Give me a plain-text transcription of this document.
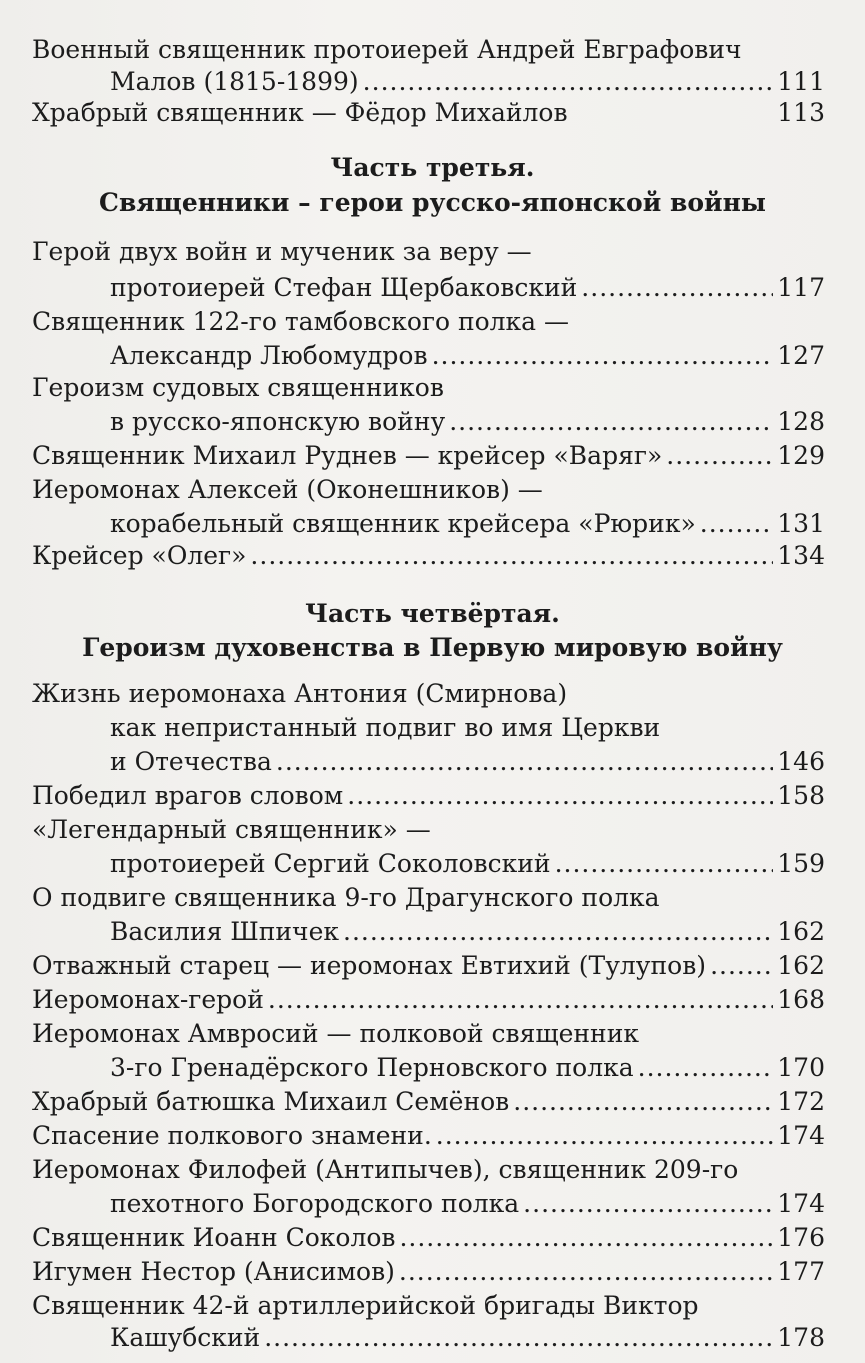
Военный священник протоиерей Андрей Евграфович
Малов (1815-1899) .....	111
Храбрый священник — Фёдор Михайлов	113
Часть третья.
Священники – герои русско-японской войны
Герой двух войн и мученик за веру —
протоиерей Стефан Щербаковский .....	117
Священник 122-го тамбовского полка —
Александр Любомудров .....	127
Героизм судовых священников
в русско-японскую войну .....	128
Священник Михаил Руднев — крейсер «Варяг» .....	129
Иеромонах Алексей (Оконешников) —
корабельный священник крейсера «Рюрик» .....	131
Крейсер «Олег» .....	134
Часть четвёртая.
Героизм духовенства в Первую мировую войну
Жизнь иеромонаха Антония (Смирнова)
как непристанный подвиг во имя Церкви
и Отечества .....	146
Победил врагов словом .....	158
«Легендарный священник» —
протоиерей Сергий Соколовский .....	159
О подвиге священника 9-го Драгунского полка
Василия Шпичек .....	162
Отважный старец — иеромонах Евтихий (Тулупов) .....	162
Иеромонах-герой .....	168
Иеромонах Амвросий — полковой священник
3-го Гренадёрского Перновского полка .....	170
Храбрый батюшка Михаил Семёнов .....	172
Спасение полкового знамени. .....	174
Иеромонах Филофей (Антипычев), священник 209-го
пехотного Богородского полка .....	174
Священник Иоанн Соколов .....	176
Игумен Нестор (Анисимов) .....	177
Священник 42-й артиллерийской бригады Виктор
Кашубский .....	178
